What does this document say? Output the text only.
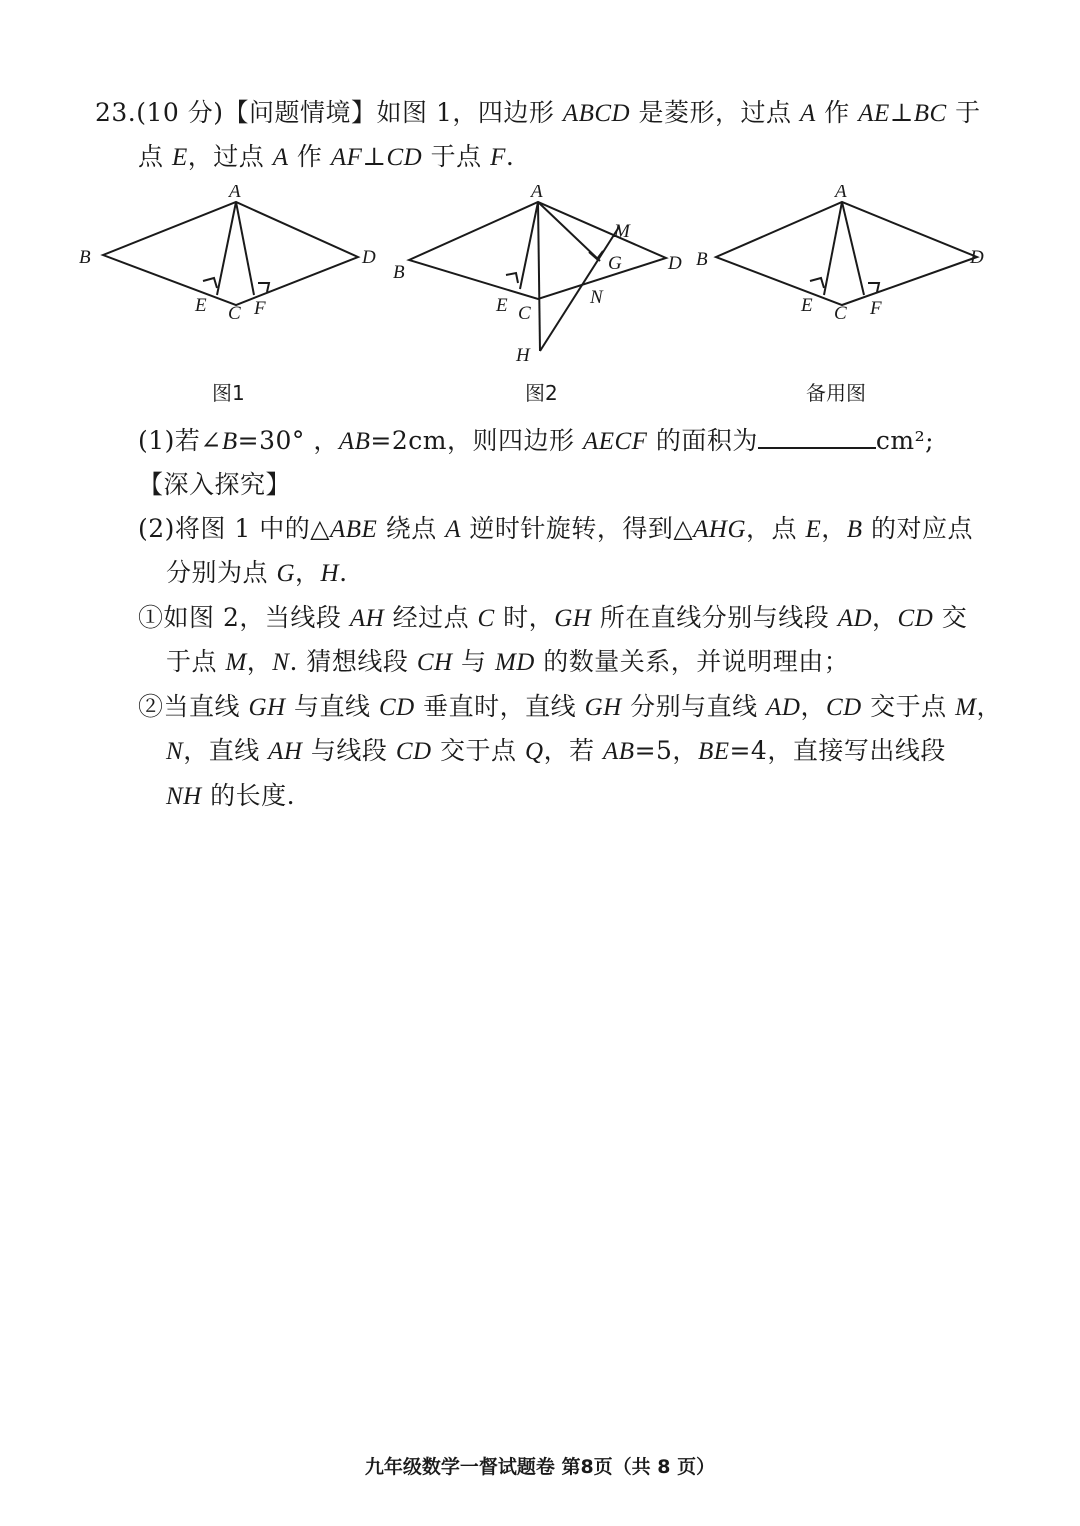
23.(10 分)【问题情境】如图 1，四边形 ABCD 是菱形，过点 A 作 AE⊥BC 于
点 E，过点 A 作 AF⊥CD 于点 F.
A
B	D
E C F
A
B	D
E C
M
G
N
H
A
B	D
E C F
图1	图2	备用图
(1)若∠B=30° ，AB=2cm，则四边形 AECF 的面积为	cm²;
【深入探究】
(2)将图 1 中的△ABE 绕点 A 逆时针旋转，得到△AHG，点 E，B 的对应点
分别为点 G，H.
①如图 2，当线段 AH 经过点 C 时，GH 所在直线分别与线段 AD，CD 交
于点 M，N. 猜想线段 CH 与 MD 的数量关系，并说明理由；
②当直线 GH 与直线 CD 垂直时，直线 GH 分别与直线 AD，CD 交于点 M，
N，直线 AH 与线段 CD 交于点 Q，若 AB=5，BE=4，直接写出线段
NH 的长度.
九年级数学一督试题卷 第8页（共 8 页）
